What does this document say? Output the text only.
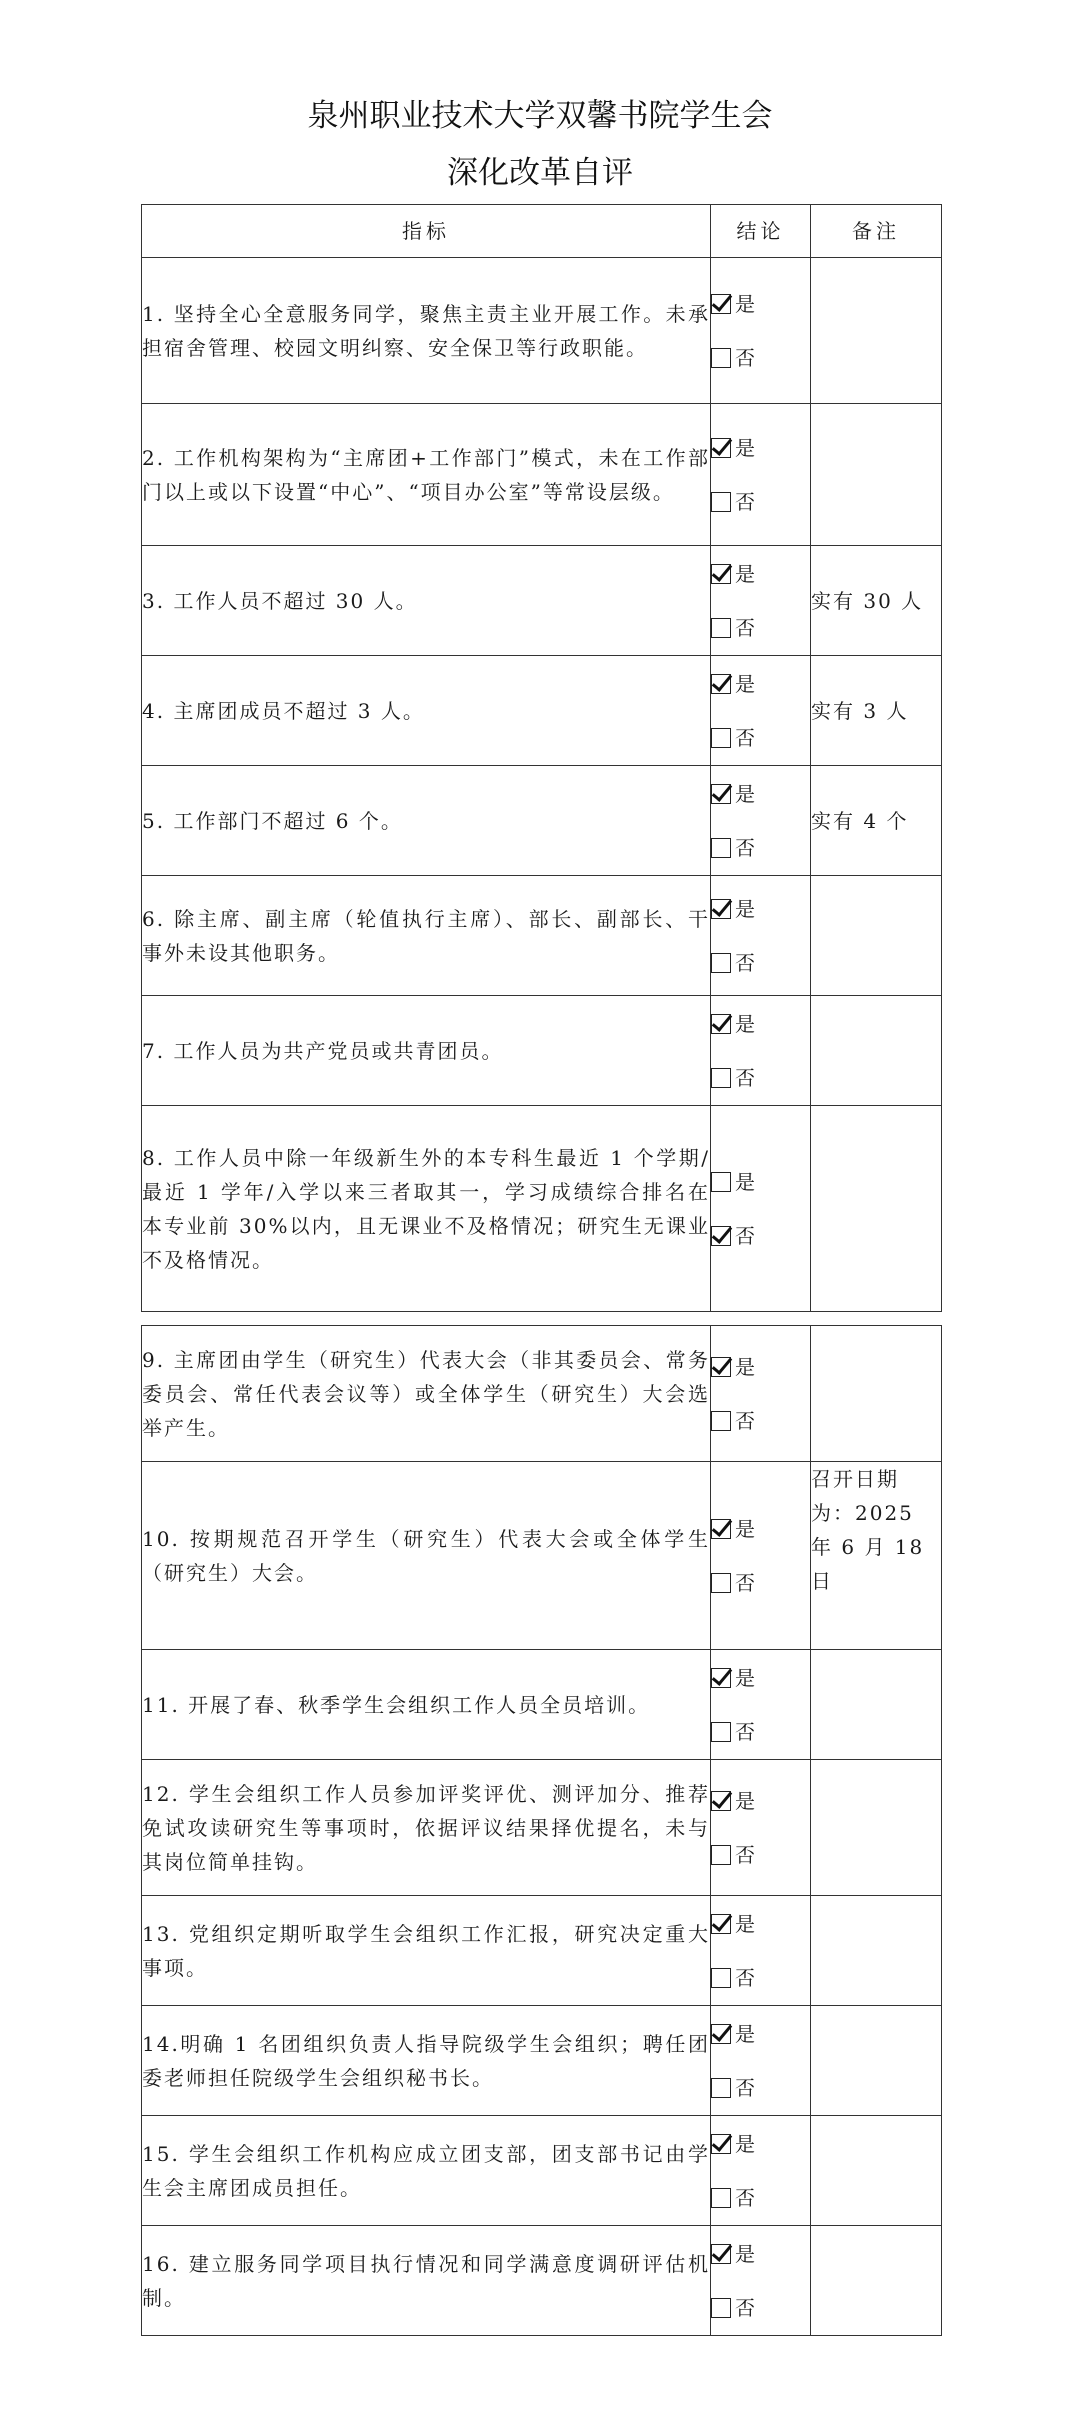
泉州职业技术大学双馨书院学生会
深化改革自评
指标	结论	备注
1. 坚持全心全意服务同学，聚焦主责主业开展工作。未承担宿舍管理、校园文明纠察、安全保卫等行政职能。	是
否	

2. 工作机构架构为“主席团+工作部门”模式，未在工作部门以上或以下设置“中心”、“项目办公室”等常设层级。	是
否	

3. 工作人员不超过 30 人。	是
否	实有 30 人
4. 主席团成员不超过 3 人。	是
否	实有 3 人
5. 工作部门不超过 6 个。	是
否	实有 4 个
6. 除主席、副主席（轮值执行主席）、部长、副部长、干事外未设其他职务。	是
否	

7. 工作人员为共产党员或共青团员。	是
否	

8. 工作人员中除一年级新生外的本专科生最近 1 个学期/最近 1 学年/入学以来三者取其一，学习成绩综合排名在本专业前 30%以内，且无课业不及格情况；研究生无课业不及格情况。	是
否	

9. 主席团由学生（研究生）代表大会（非其委员会、常务委员会、常任代表会议等）或全体学生（研究生）大会选举产生。	是
否	

10. 按期规范召开学生（研究生）代表大会或全体学生（研究生）大会。	是
否	召开日期为：2025 年 6 月 18 日
11. 开展了春、秋季学生会组织工作人员全员培训。	是
否	

12. 学生会组织工作人员参加评奖评优、测评加分、推荐免试攻读研究生等事项时，依据评议结果择优提名，未与其岗位简单挂钩。	是
否	

13. 党组织定期听取学生会组织工作汇报，研究决定重大事项。	是
否	

14.明确 1 名团组织负责人指导院级学生会组织；聘任团委老师担任院级学生会组织秘书长。	是
否	

15. 学生会组织工作机构应成立团支部，团支部书记由学生会主席团成员担任。	是
否	

16. 建立服务同学项目执行情况和同学满意度调研评估机制。	是
否	
